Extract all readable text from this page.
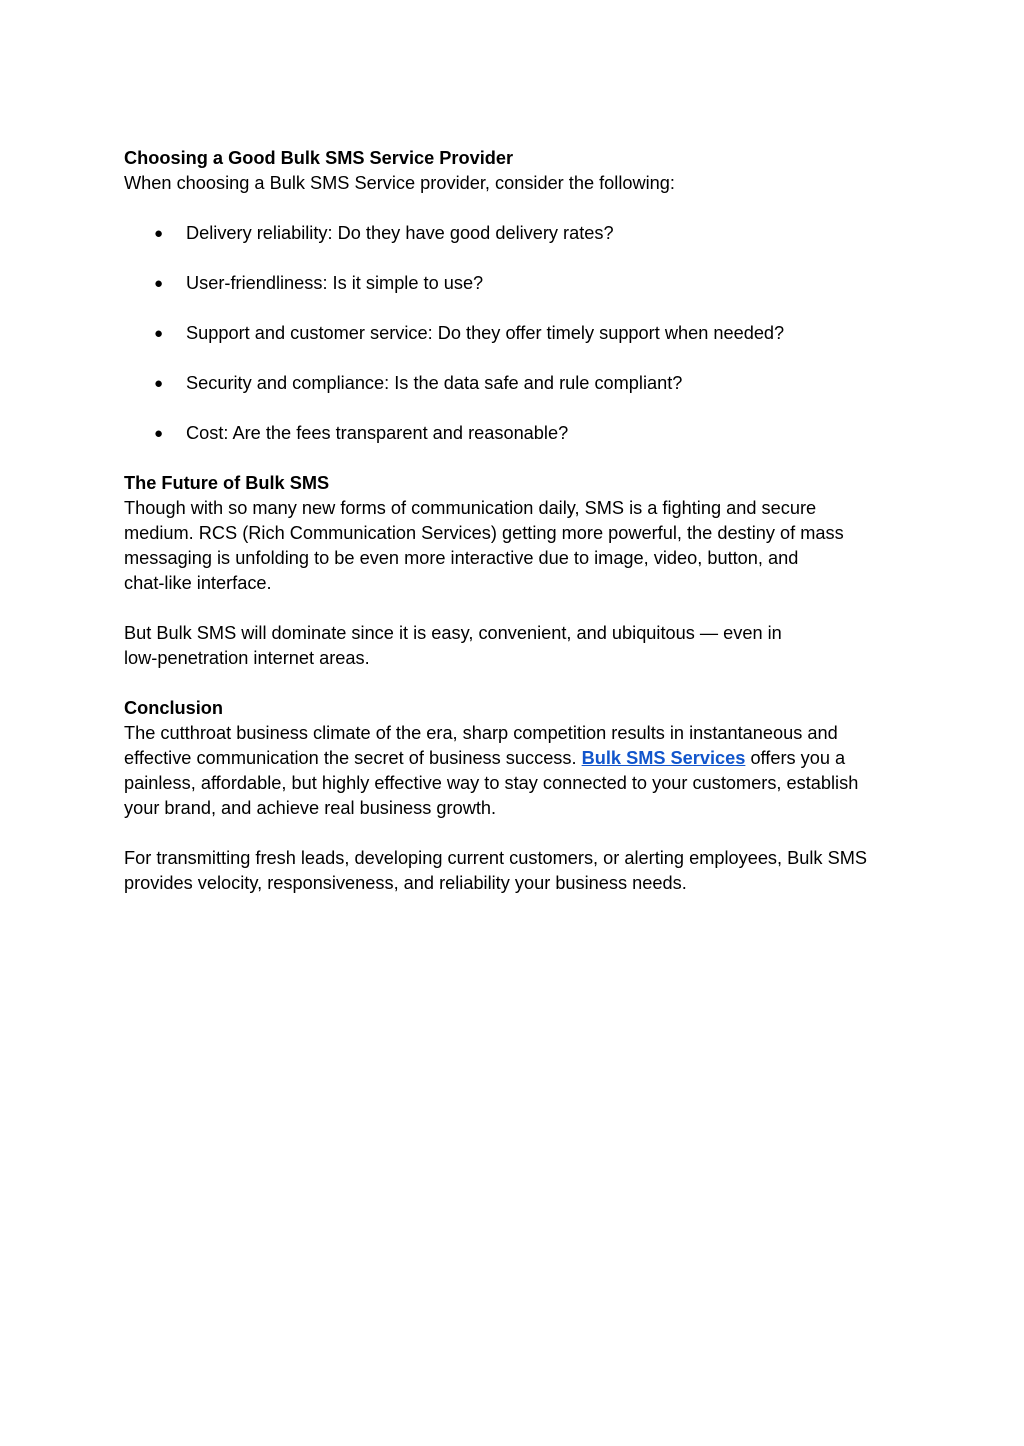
Choosing a Good Bulk SMS Service Provider

When choosing a Bulk SMS Service provider, consider the following:

● Delivery reliability: Do they have good delivery rates?
● User-friendliness: Is it simple to use?
● Support and customer service: Do they offer timely support when needed?
● Security and compliance: Is the data safe and rule compliant?
● Cost: Are the fees transparent and reasonable?
The Future of Bulk SMS

Though with so many new forms of communication daily, SMS is a fighting and secure
medium. RCS (Rich Communication Services) getting more powerful, the destiny of mass
messaging is unfolding to be even more interactive due to image, video, button, and
chat-like interface.

But Bulk SMS will dominate since it is easy, convenient, and ubiquitous — even in
low-penetration internet areas.

Conclusion

The cutthroat business climate of the era, sharp competition results in instantaneous and
effective communication the secret of business success. Bulk SMS Services offers you a
painless, affordable, but highly effective way to stay connected to your customers, establish
your brand, and achieve real business growth.

For transmitting fresh leads, developing current customers, or alerting employees, Bulk SMS
provides velocity, responsiveness, and reliability your business needs.
